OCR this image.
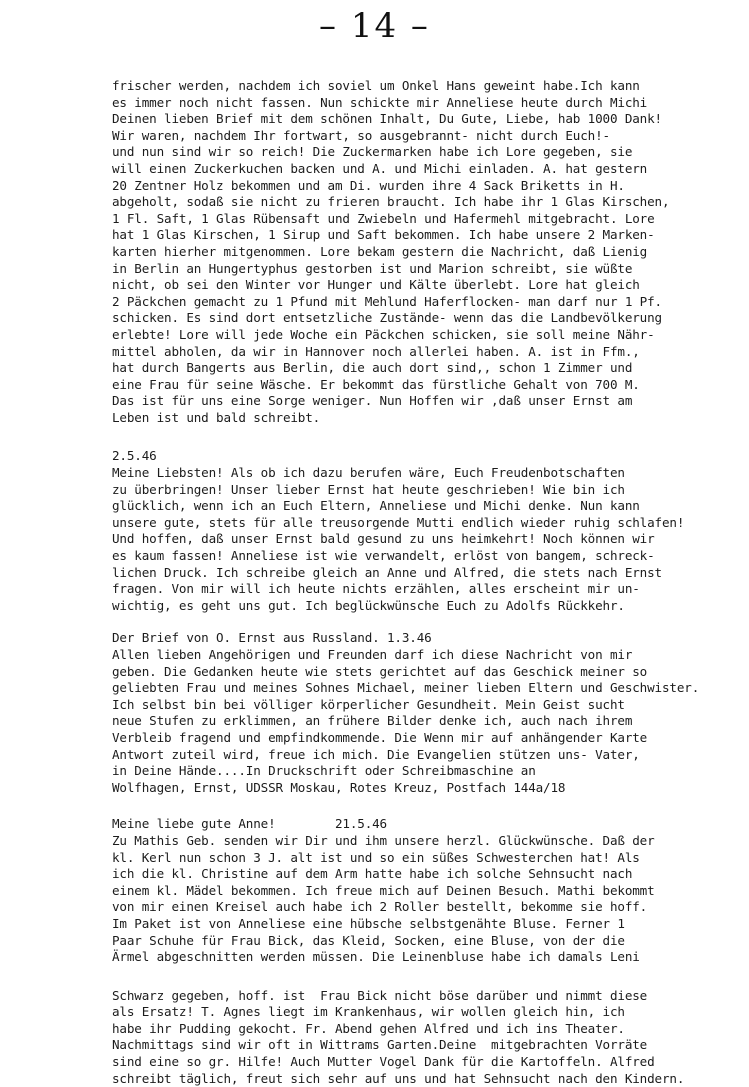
– 14 –
frischer werden, nachdem ich soviel um Onkel Hans geweint habe.Ich kann
es immer noch nicht fassen. Nun schickte mir Anneliese heute durch Michi
Deinen lieben Brief mit dem schönen Inhalt, Du Gute, Liebe, hab 1000 Dank!
Wir waren, nachdem Ihr fortwart, so ausgebrannt- nicht durch Euch!-
und nun sind wir so reich! Die Zuckermarken habe ich Lore gegeben, sie
will einen Zuckerkuchen backen und A. und Michi einladen. A. hat gestern
20 Zentner Holz bekommen und am Di. wurden ihre 4 Sack Briketts in H.
abgeholt, sodaß sie nicht zu frieren braucht. Ich habe ihr 1 Glas Kirschen,
1 Fl. Saft, 1 Glas Rübensaft und Zwiebeln und Hafermehl mitgebracht. Lore
hat 1 Glas Kirschen, 1 Sirup und Saft bekommen. Ich habe unsere 2 Marken-
karten hierher mitgenommen. Lore bekam gestern die Nachricht, daß Lienig
in Berlin an Hungertyphus gestorben ist und Marion schreibt, sie wüßte
nicht, ob sei den Winter vor Hunger und Kälte überlebt. Lore hat gleich
2 Päckchen gemacht zu 1 Pfund mit Mehlund Haferflocken- man darf nur 1 Pf.
schicken. Es sind dort entsetzliche Zustände- wenn das die Landbevölkerung
erlebte! Lore will jede Woche ein Päckchen schicken, sie soll meine Nähr-
mittel abholen, da wir in Hannover noch allerlei haben. A. ist in Ffm.,
hat durch Bangerts aus Berlin, die auch dort sind,, schon 1 Zimmer und
eine Frau für seine Wäsche. Er bekommt das fürstliche Gehalt von 700 M.
Das ist für uns eine Sorge weniger. Nun Hoffen wir ,daß unser Ernst am
Leben ist und bald schreibt.
2.5.46
Meine Liebsten! Als ob ich dazu berufen wäre, Euch Freudenbotschaften
zu überbringen! Unser lieber Ernst hat heute geschrieben! Wie bin ich
glücklich, wenn ich an Euch Eltern, Anneliese und Michi denke. Nun kann
unsere gute, stets für alle treusorgende Mutti endlich wieder ruhig schlafen!
Und hoffen, daß unser Ernst bald gesund zu uns heimkehrt! Noch können wir
es kaum fassen! Anneliese ist wie verwandelt, erlöst von bangem, schreck-
lichen Druck. Ich schreibe gleich an Anne und Alfred, die stets nach Ernst
fragen. Von mir will ich heute nichts erzählen, alles erscheint mir un-
wichtig, es geht uns gut. Ich beglückwünsche Euch zu Adolfs Rückkehr.
Der Brief von O. Ernst aus Russland. 1.3.46
Allen lieben Angehörigen und Freunden darf ich diese Nachricht von mir
geben. Die Gedanken heute wie stets gerichtet auf das Geschick meiner so
geliebten Frau und meines Sohnes Michael, meiner lieben Eltern und Geschwister.
Ich selbst bin bei völliger körperlicher Gesundheit. Mein Geist sucht
neue Stufen zu erklimmen, an frühere Bilder denke ich, auch nach ihrem
Verbleib fragend und empfindkommende. Die Wenn mir auf anhängender Karte
Antwort zuteil wird, freue ich mich. Die Evangelien stützen uns- Vater,
in Deine Hände....In Druckschrift oder Schreibmaschine an
Wolfhagen, Ernst, UDSSR Moskau, Rotes Kreuz, Postfach 144a/18
Meine liebe gute Anne!        21.5.46
Zu Mathis Geb. senden wir Dir und ihm unsere herzl. Glückwünsche. Daß der
kl. Kerl nun schon 3 J. alt ist und so ein süßes Schwesterchen hat! Als
ich die kl. Christine auf dem Arm hatte habe ich solche Sehnsucht nach
einem kl. Mädel bekommen. Ich freue mich auf Deinen Besuch. Mathi bekommt
von mir einen Kreisel auch habe ich 2 Roller bestellt, bekomme sie hoff.
Im Paket ist von Anneliese eine hübsche selbstgenähte Bluse. Ferner 1
Paar Schuhe für Frau Bick, das Kleid, Socken, eine Bluse, von der die
Ärmel abgeschnitten werden müssen. Die Leinenbluse habe ich damals Leni
Schwarz gegeben, hoff. ist  Frau Bick nicht böse darüber und nimmt diese
als Ersatz! T. Agnes liegt im Krankenhaus, wir wollen gleich hin, ich
habe ihr Pudding gekocht. Fr. Abend gehen Alfred und ich ins Theater.
Nachmittags sind wir oft in Wittrams Garten.Deine  mitgebrachten Vorräte
sind eine so gr. Hilfe! Auch Mutter Vogel Dank für die Kartoffeln. Alfred
schreibt täglich, freut sich sehr auf uns und hat Sehnsucht nach den Kindern.
